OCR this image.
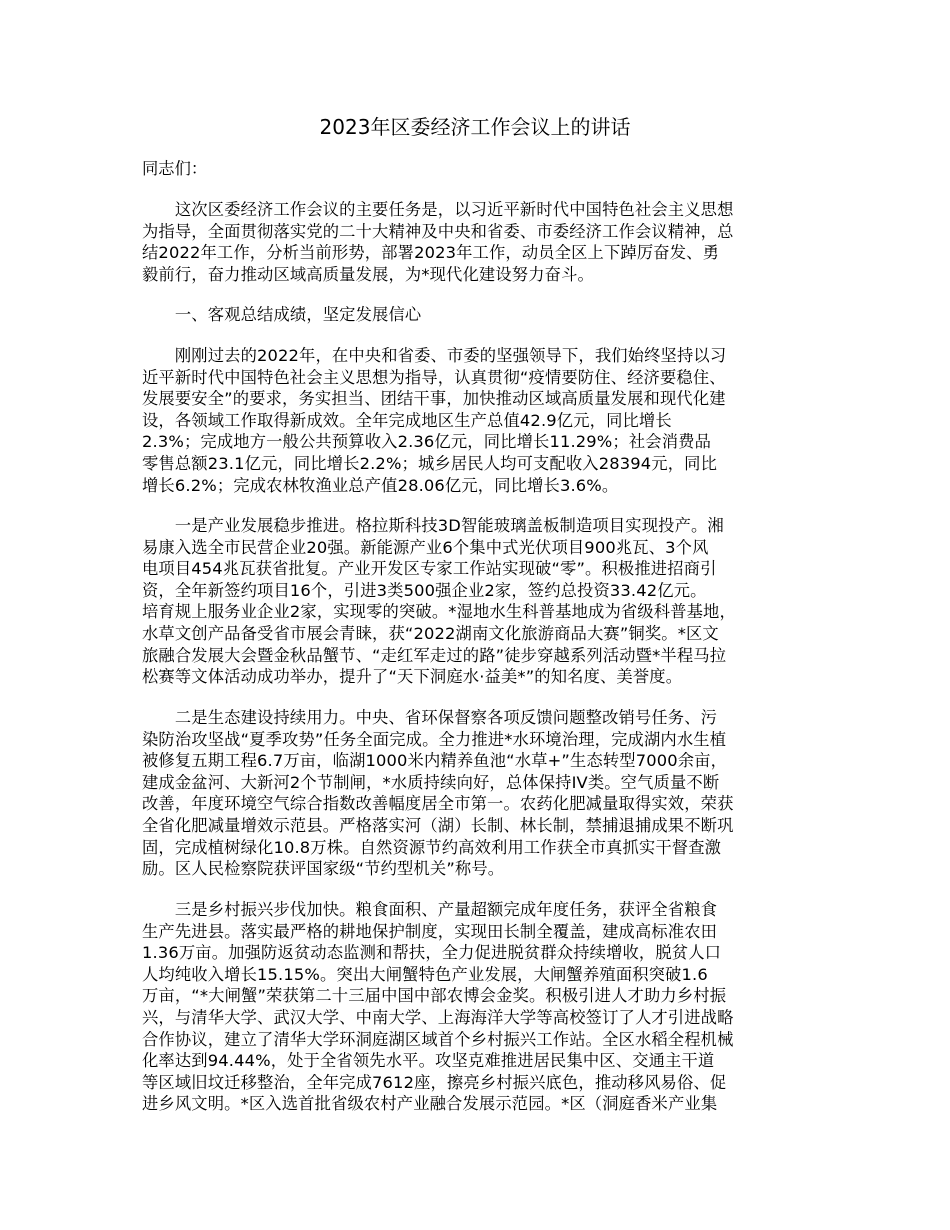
2023年区委经济工作会议上的讲话
同志们：
　　这次区委经济工作会议的主要任务是，以习近平新时代中国特色社会主义思想
为指导，全面贯彻落实党的二十大精神及中央和省委、市委经济工作会议精神，总
结2022年工作，分析当前形势，部署2023年工作，动员全区上下踔厉奋发、勇
毅前行，奋力推动区域高质量发展，为*现代化建设努力奋斗。
　　一、客观总结成绩，坚定发展信心
　　刚刚过去的2022年，在中央和省委、市委的坚强领导下，我们始终坚持以习
近平新时代中国特色社会主义思想为指导，认真贯彻“疫情要防住、经济要稳住、
发展要安全”的要求，务实担当、团结干事，加快推动区域高质量发展和现代化建
设，各领域工作取得新成效。全年完成地区生产总值42.9亿元，同比增长
2.3%；完成地方一般公共预算收入2.36亿元，同比增长11.29%；社会消费品
零售总额23.1亿元，同比增长2.2%；城乡居民人均可支配收入28394元，同比
增长6.2%；完成农林牧渔业总产值28.06亿元，同比增长3.6%。
　　一是产业发展稳步推进。格拉斯科技3D智能玻璃盖板制造项目实现投产。湘
易康入选全市民营企业20强。新能源产业6个集中式光伏项目900兆瓦、3个风
电项目454兆瓦获省批复。产业开发区专家工作站实现破“零”。积极推进招商引
资，全年新签约项目16个，引进3类500强企业2家，签约总投资33.42亿元。
培育规上服务业企业2家，实现零的突破。*湿地水生科普基地成为省级科普基地，
水草文创产品备受省市展会青睐，获“2022湖南文化旅游商品大赛”铜奖。*区文
旅融合发展大会暨金秋品蟹节、“走红军走过的路”徒步穿越系列活动暨*半程马拉
松赛等文体活动成功举办，提升了“天下洞庭水·益美*”的知名度、美誉度。
　　二是生态建设持续用力。中央、省环保督察各项反馈问题整改销号任务、污
染防治攻坚战“夏季攻势”任务全面完成。全力推进*水环境治理，完成湖内水生植
被修复五期工程6.7万亩，临湖1000米内精养鱼池“水草+”生态转型7000余亩，
建成金盆河、大新河2个节制闸，*水质持续向好，总体保持IV类。空气质量不断
改善，年度环境空气综合指数改善幅度居全市第一。农药化肥减量取得实效，荣获
全省化肥减量增效示范县。严格落实河（湖）长制、林长制，禁捕退捕成果不断巩
固，完成植树绿化10.8万株。自然资源节约高效利用工作获全市真抓实干督查激
励。区人民检察院获评国家级“节约型机关”称号。
　　三是乡村振兴步伐加快。粮食面积、产量超额完成年度任务，获评全省粮食
生产先进县。落实最严格的耕地保护制度，实现田长制全覆盖，建成高标准农田
1.36万亩。加强防返贫动态监测和帮扶，全力促进脱贫群众持续增收，脱贫人口
人均纯收入增长15.15%。突出大闸蟹特色产业发展，大闸蟹养殖面积突破1.6
万亩，“*大闸蟹”荣获第二十三届中国中部农博会金奖。积极引进人才助力乡村振
兴，与清华大学、武汉大学、中南大学、上海海洋大学等高校签订了人才引进战略
合作协议，建立了清华大学环洞庭湖区域首个乡村振兴工作站。全区水稻全程机械
化率达到94.44%，处于全省领先水平。攻坚克难推进居民集中区、交通主干道
等区域旧坟迁移整治，全年完成7612座，擦亮乡村振兴底色，推动移风易俗、促
进乡风文明。*区入选首批省级农村产业融合发展示范园。*区（洞庭香米产业集
